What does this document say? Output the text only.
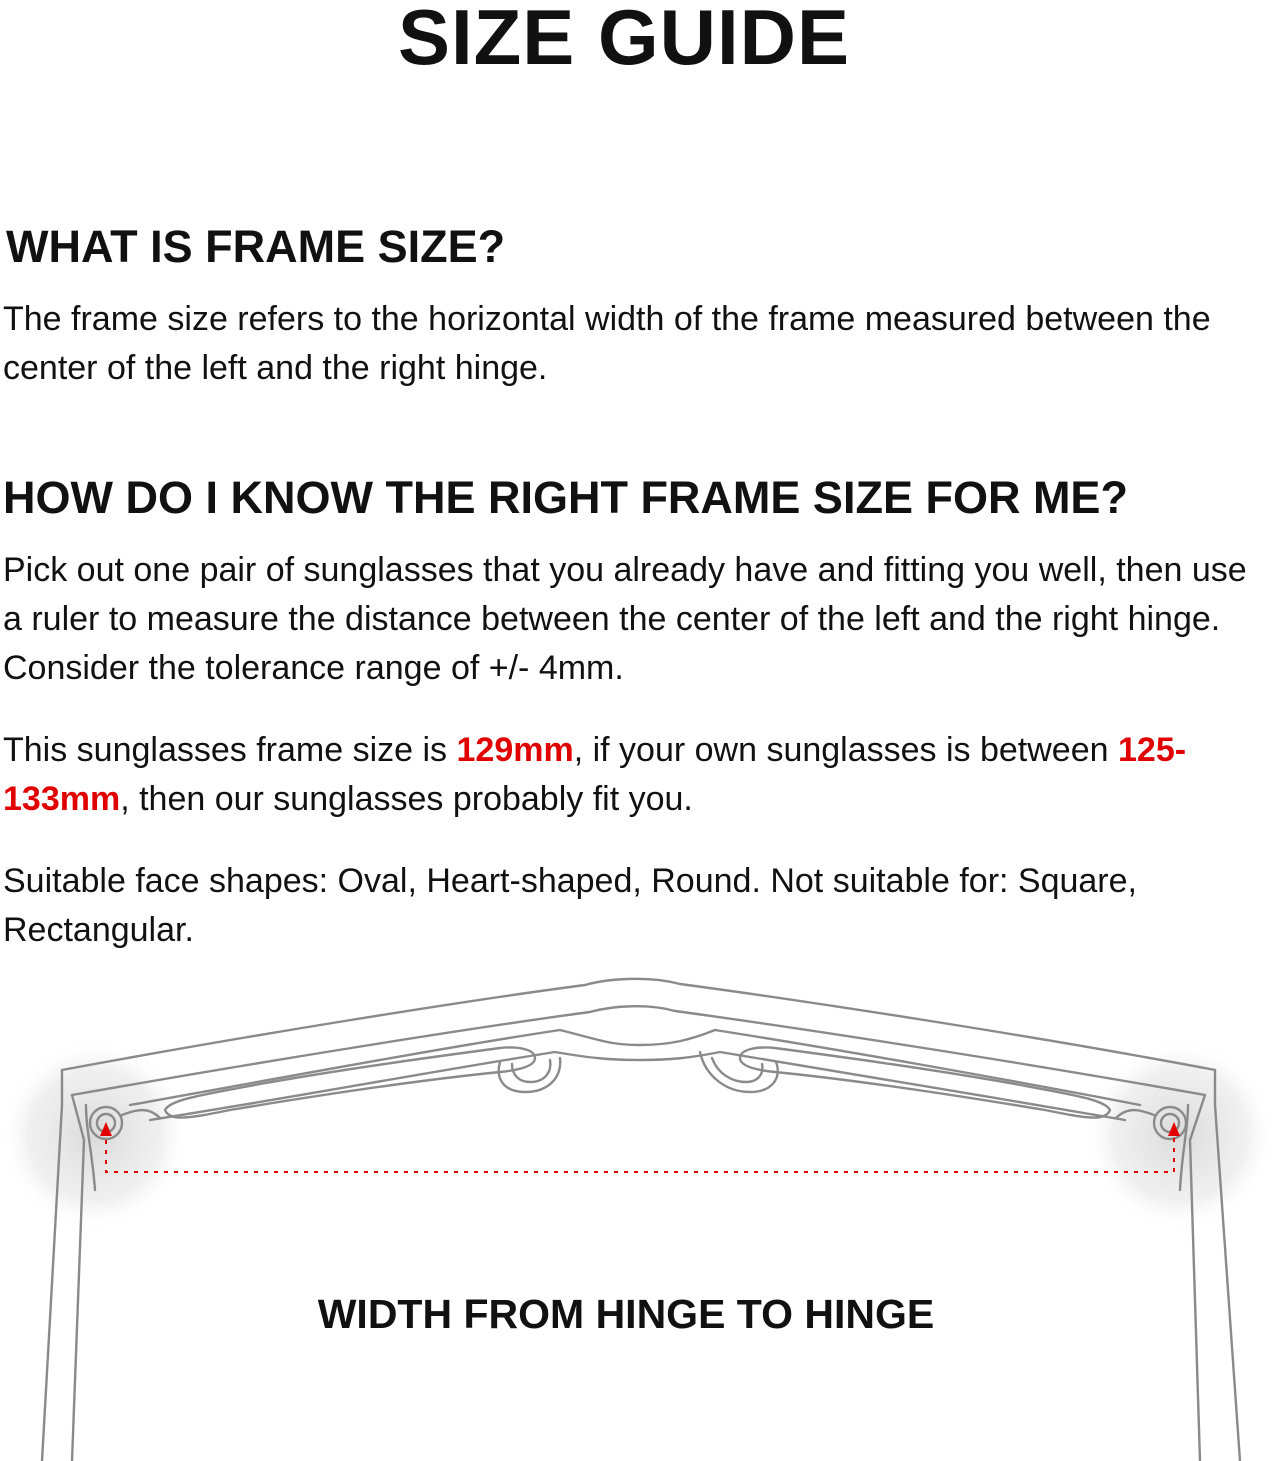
SIZE GUIDE
WHAT IS FRAME SIZE?

The frame size refers to the horizontal width of the frame measured between the center of the left and the right hinge.

HOW DO I KNOW THE RIGHT FRAME SIZE FOR ME?

Pick out one pair of sunglasses that you already have and fitting you well, then use a ruler to measure the distance between the center of the left and the right hinge. Consider the tolerance range of +/- 4mm.

This sunglasses frame size is 129mm, if your own sunglasses is between 125-133mm, then our sunglasses probably fit you.

Suitable face shapes: Oval, Heart-shaped, Round. Not suitable for: Square, Rectangular.

WIDTH FROM HINGE TO HINGE
